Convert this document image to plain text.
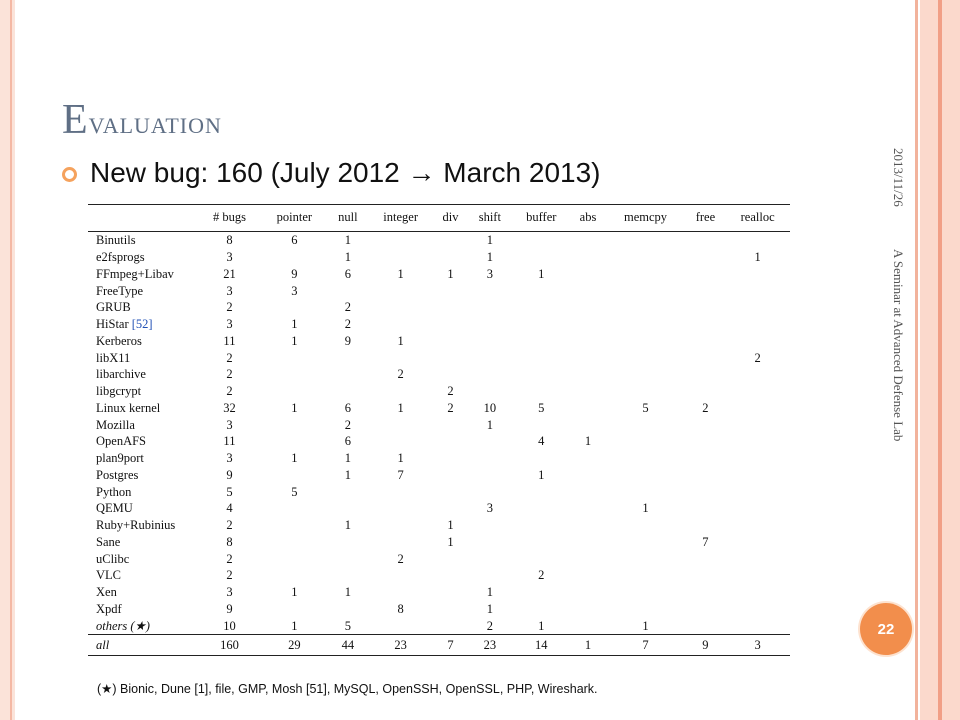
Evaluation
New bug: 160 (July 2012 → March 2013)
	# bugs	pointer	null	integer	div	shift	buffer	abs	memcpy	free	realloc
Binutils	8	6	1			1					
e2fsprogs	3		1			1					1
FFmpeg+Libav	21	9	6	1	1	3	1				
FreeType	3	3									
GRUB	2		2								
HiStar [52]	3	1	2								
Kerberos	11	1	9	1							
libX11	2										2
libarchive	2			2							
libgcrypt	2				2						
Linux kernel	32	1	6	1	2	10	5		5	2	
Mozilla	3		2			1					
OpenAFS	11		6				4	1			
plan9port	3	1	1	1							
Postgres	9		1	7			1				
Python	5	5									
QEMU	4					3			1		
Ruby+Rubinius	2		1		1						
Sane	8				1					7	
uClibc	2			2							
VLC	2						2				
Xen	3	1	1			1					
Xpdf	9			8		1					
others (★)	10	1	5			2	1		1		
all	160	29	44	23	7	23	14	1	7	9	3
(★) Bionic, Dune [1], file, GMP, Mosh [51], MySQL, OpenSSH, OpenSSL, PHP, Wireshark.
2013/11/26
A Seminar at Advanced Defense Lab
22
